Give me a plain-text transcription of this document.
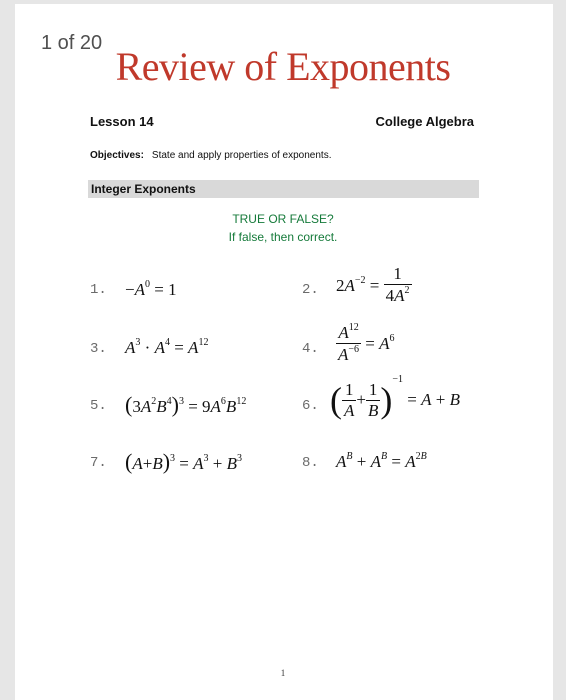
1 of 20
Review of Exponents
Lesson 14	College Algebra
Objectives: State and apply properties of exponents.
Integer Exponents
TRUE OR FALSE?
If false, then correct.
1. $-A^0 = 1$	2. $2A^{-2} = \frac{1}{4A^2}$
3. $A^3 \cdot A^4 = A^{12}$	4. $\frac{A^{12}}{A^{-6}} = A^6$
5. $(3A^2B^4)^3 = 9A^6B^{12}$	6. ( $\frac{1}{A} + \frac{1}{B} )^{-1} = A + B$
7. $(A+B)^3 = A^3 + B^3$	8. $A^B + A^B = A^{2B}$
1
